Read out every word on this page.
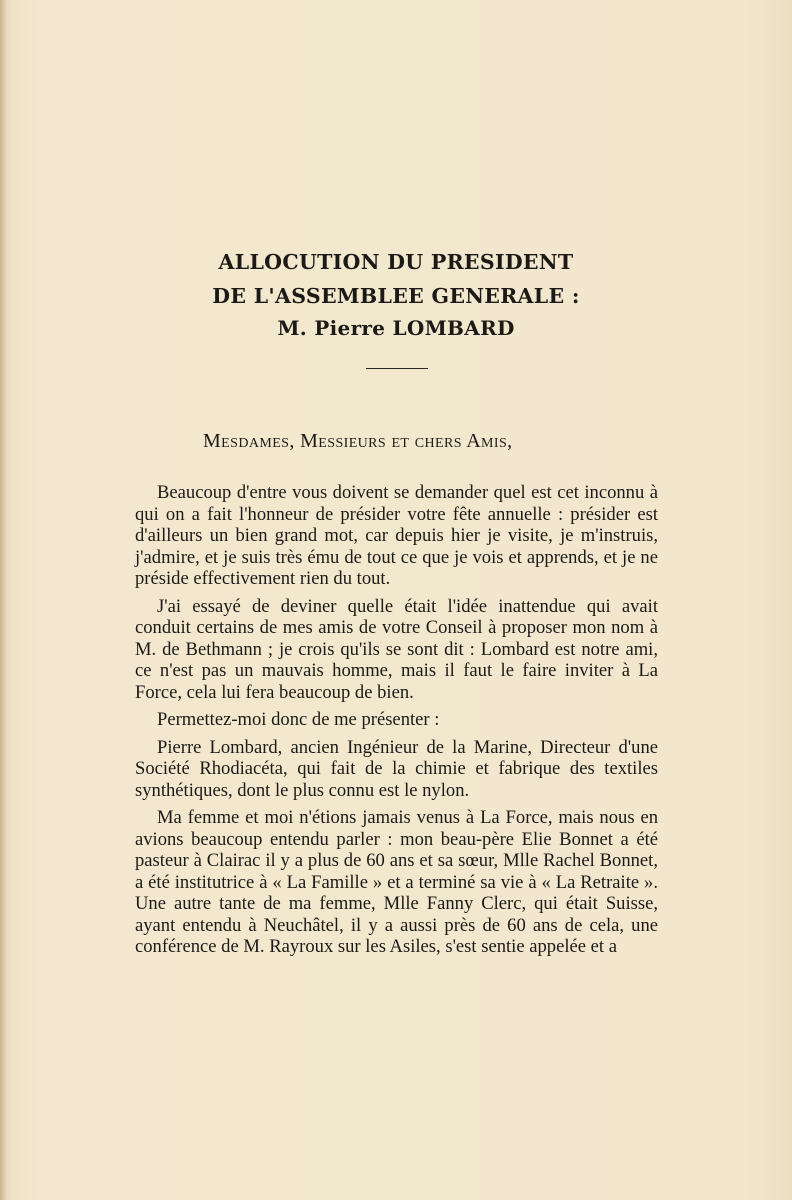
ALLOCUTION DU PRESIDENT
DE L'ASSEMBLEE GENERALE :
M. Pierre LOMBARD
Mesdames, Messieurs et chers Amis,

Beaucoup d'entre vous doivent se demander quel est cet inconnu à qui on a fait l'honneur de présider votre fête annuelle : présider est d'ailleurs un bien grand mot, car depuis hier je visite, je m'instruis, j'admire, et je suis très ému de tout ce que je vois et apprends, et je ne préside effectivement rien du tout.

J'ai essayé de deviner quelle était l'idée inattendue qui avait conduit certains de mes amis de votre Conseil à proposer mon nom à M. de Bethmann ; je crois qu'ils se sont dit : Lombard est notre ami, ce n'est pas un mauvais homme, mais il faut le faire inviter à La Force, cela lui fera beaucoup de bien.

Permettez-moi donc de me présenter :

Pierre Lombard, ancien Ingénieur de la Marine, Directeur d'une Société Rhodiacéta, qui fait de la chimie et fabrique des textiles synthétiques, dont le plus connu est le nylon.

Ma femme et moi n'étions jamais venus à La Force, mais nous en avions beaucoup entendu parler : mon beau-père Elie Bonnet a été pasteur à Clairac il y a plus de 60 ans et sa sœur, Mlle Rachel Bonnet, a été institutrice à « La Famille » et a terminé sa vie à « La Retraite ». Une autre tante de ma femme, Mlle Fanny Clerc, qui était Suisse, ayant entendu à Neuchâtel, il y a aussi près de 60 ans de cela, une conférence de M. Rayroux sur les Asiles, s'est sentie appelée et a
